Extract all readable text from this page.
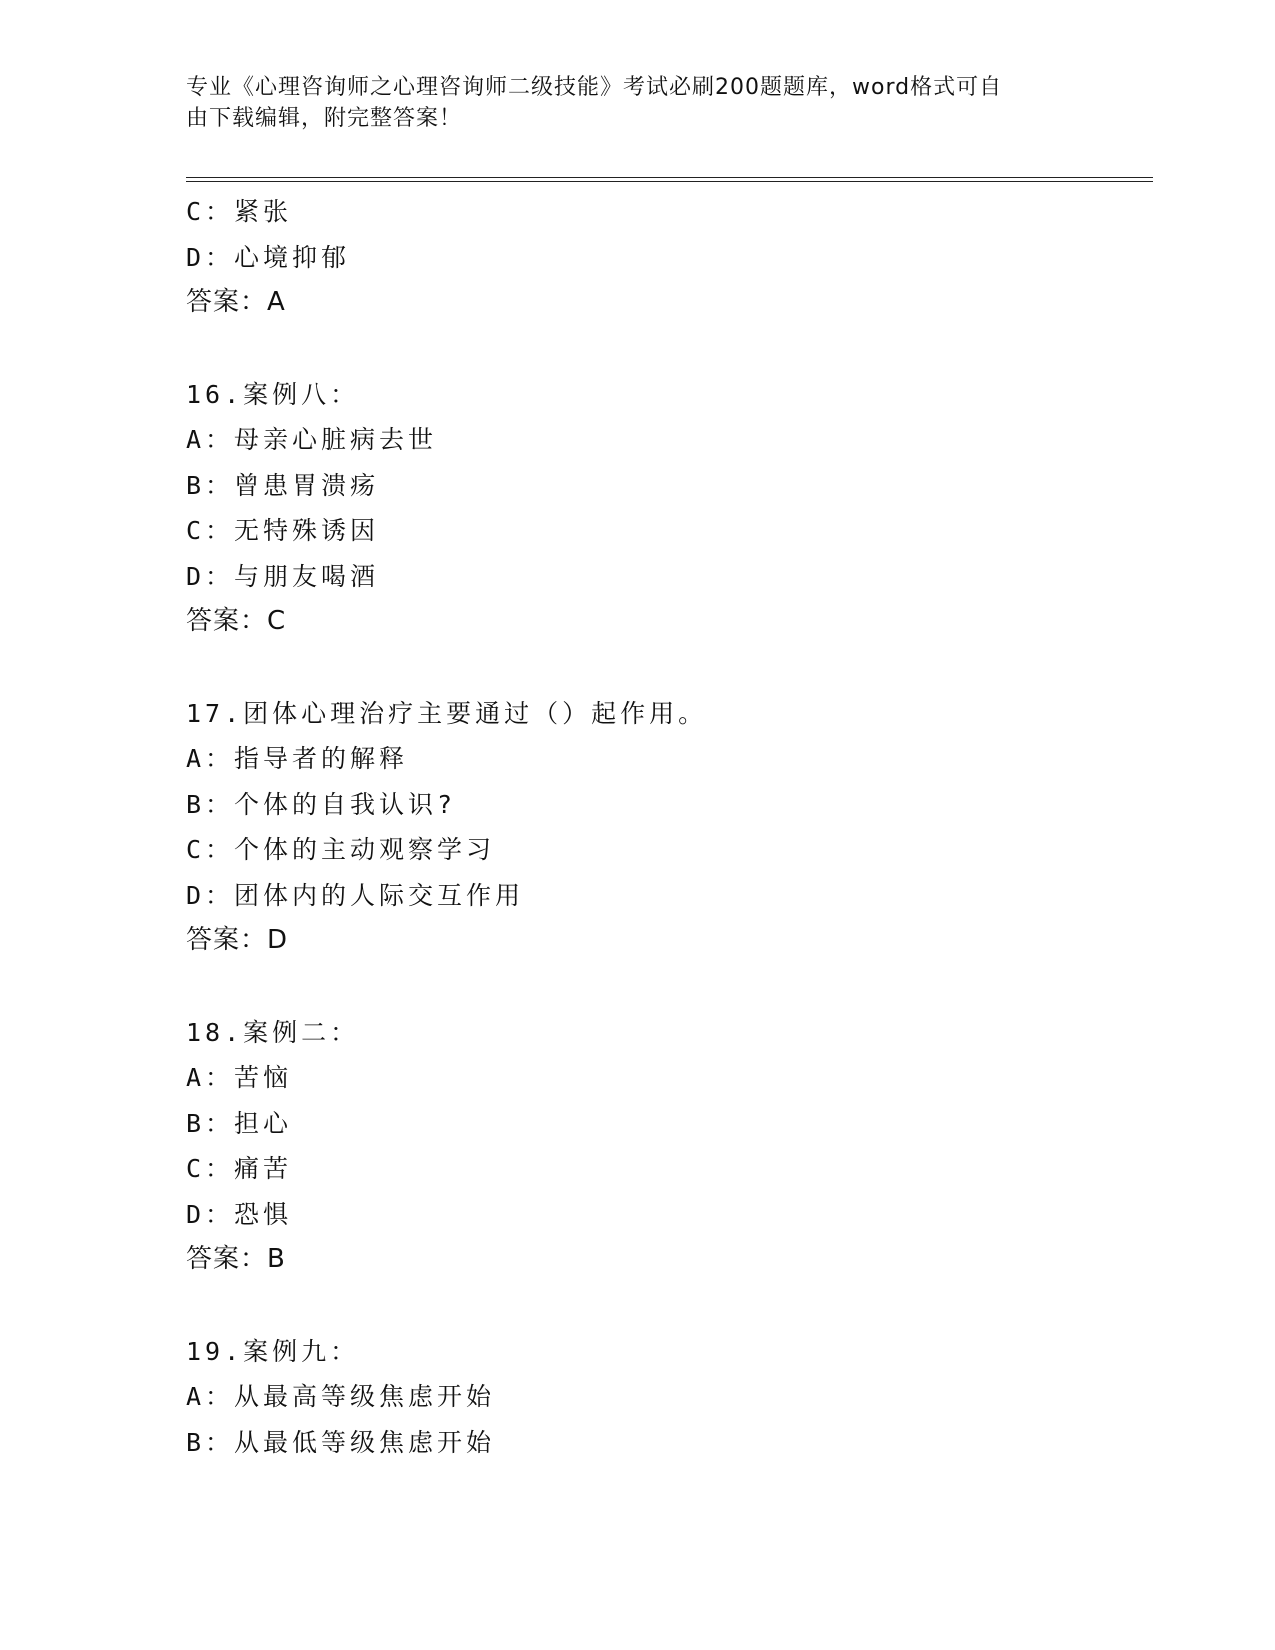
专业《心理咨询师之心理咨询师二级技能》考试必刷200题题库，word格式可自
由下载编辑，附完整答案！
C：紧张
D：心境抑郁
答案：A
16.案例八：
A：母亲心脏病去世
B：曾患胃溃疡
C：无特殊诱因
D：与朋友喝酒
答案：C
17.团体心理治疗主要通过（）起作用。
A：指导者的解释
B：个体的自我认识?
C：个体的主动观察学习
D：团体内的人际交互作用
答案：D
18.案例二：
A：苦恼
B：担心
C：痛苦
D：恐惧
答案：B
19.案例九：
A：从最高等级焦虑开始
B：从最低等级焦虑开始
